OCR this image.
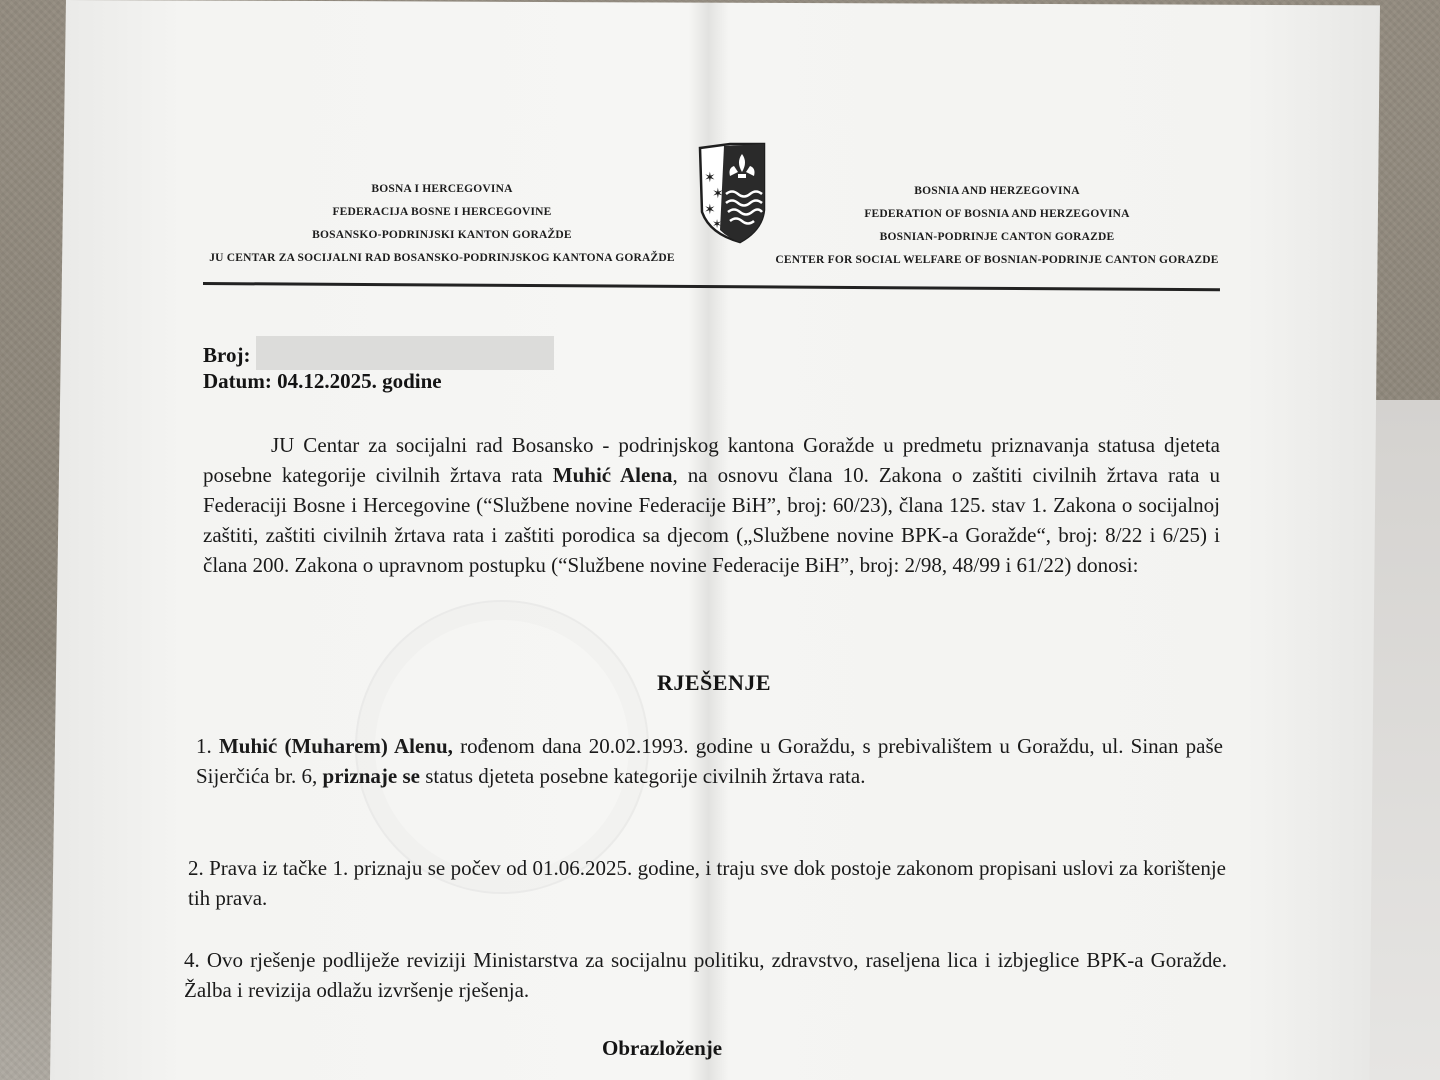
BOSNA I HERCEGOVINA
FEDERACIJA BOSNE I HERCEGOVINE
BOSANSKO-PODRINJSKI KANTON GORAŽDE
JU CENTAR ZA SOCIJALNI RAD BOSANSKO-PODRINJSKOG KANTONA GORAŽDE
✶
✶
✶
✶
BOSNIA AND HERZEGOVINA
FEDERATION OF BOSNIA AND HERZEGOVINA
BOSNIAN-PODRINJE CANTON GORAZDE
CENTER FOR SOCIAL WELFARE OF BOSNIAN-PODRINJE CANTON GORAZDE
Broj:
Datum: 04.12.2025. godine
JU Centar za socijalni rad Bosansko - podrinjskog kantona Goražde u predmetu priznavanja statusa djeteta posebne kategorije civilnih žrtava rata Muhić Alena, na osnovu člana 10. Zakona o zaštiti civilnih žrtava rata u Federaciji Bosne i Hercegovine (“Službene novine Federacije BiH”, broj: 60/23), člana 125. stav 1. Zakona o socijalnoj zaštiti, zaštiti civilnih žrtava rata i zaštiti porodica sa djecom („Službene novine BPK-a Goražde“, broj: 8/22 i 6/25) i člana 200. Zakona o upravnom postupku (“Službene novine Federacije BiH”, broj: 2/98, 48/99 i 61/22) donosi:
RJEŠENJE
1. Muhić (Muharem) Alenu, rođenom dana 20.02.1993. godine u Goraždu, s prebivalištem u Goraždu, ul. Sinan paše Sijerčića br. 6, priznaje se status djeteta posebne kategorije civilnih žrtava rata.
2. Prava iz tačke 1. priznaju se počev od 01.06.2025. godine, i traju sve dok postoje zakonom propisani uslovi za korištenje tih prava.
4. Ovo rješenje podliježe reviziji Ministarstva za socijalnu politiku, zdravstvo, raseljena lica i izbjeglice BPK-a Goražde. Žalba i revizija odlažu izvršenje rješenja.
Obrazloženje
